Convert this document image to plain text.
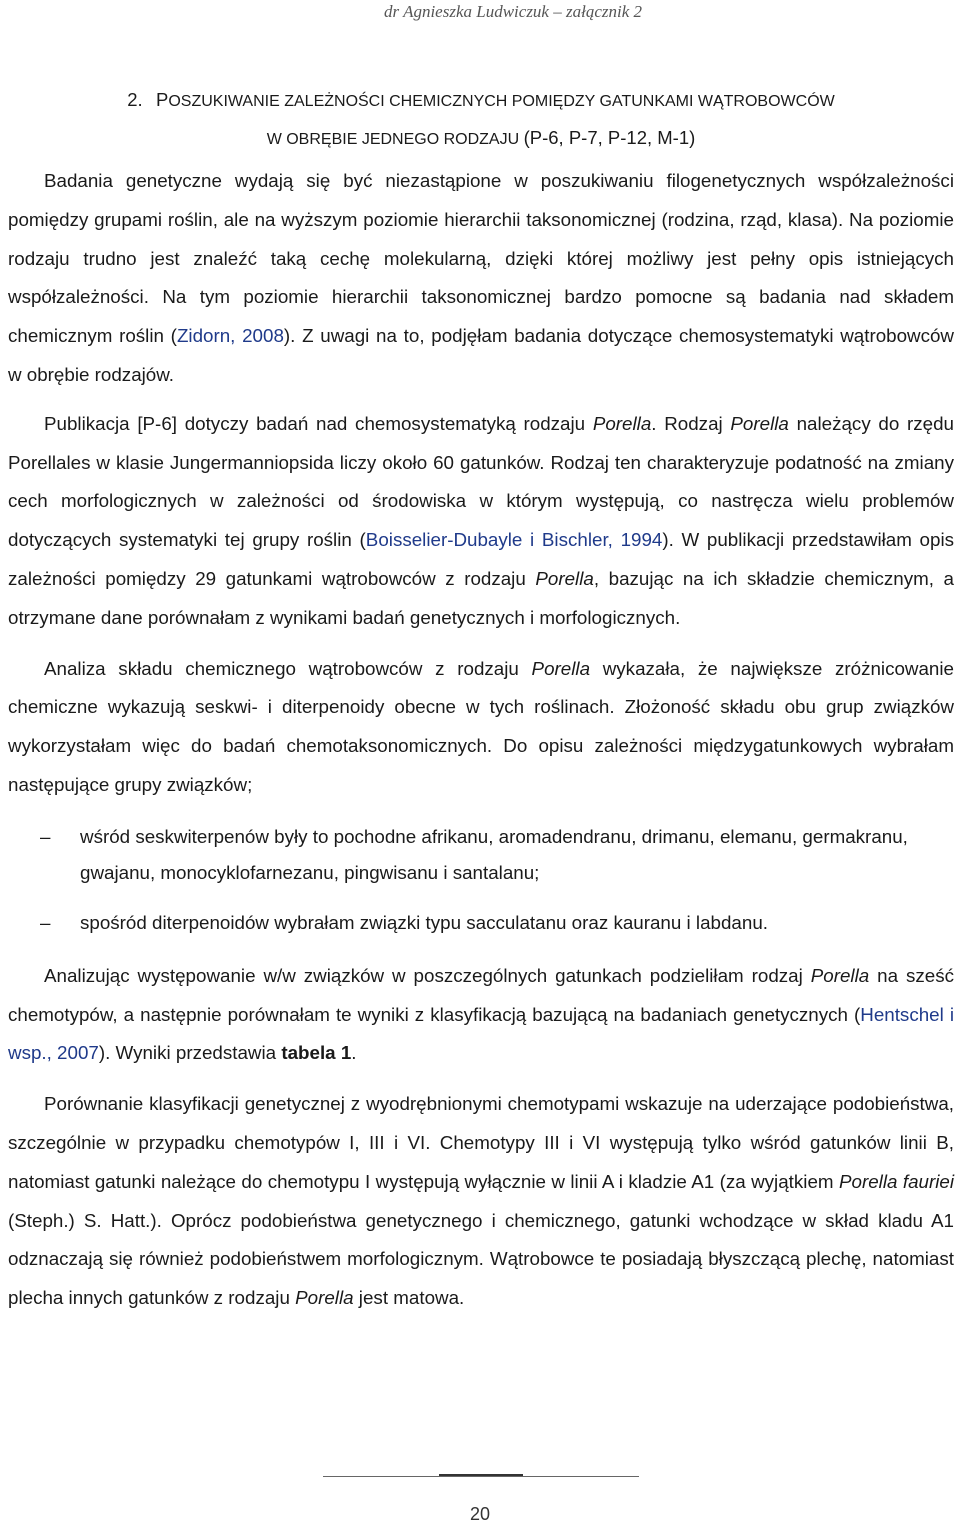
dr Agnieszka Ludwiczuk – załącznik 2
2. POSZUKIWANIE ZALEŻNOŚCI CHEMICZNYCH POMIĘDZY GATUNKAMI WĄTROBOWCÓW
W OBRĘBIE JEDNEGO RODZAJU (P-6, P-7, P-12, M-1)

Badania genetyczne wydają się być niezastąpione w poszukiwaniu filogenetycznych współzależności pomiędzy grupami roślin, ale na wyższym poziomie hierarchii taksonomicznej (rodzina, rząd, klasa). Na poziomie rodzaju trudno jest znaleźć taką cechę molekularną, dzięki której możliwy jest pełny opis istniejących współzależności. Na tym poziomie hierarchii taksonomicznej bardzo pomocne są badania nad składem chemicznym roślin (Zidorn, 2008). Z uwagi na to, podjęłam badania dotyczące chemosystematyki wątrobowców w obrębie rodzajów.

Publikacja [P-6] dotyczy badań nad chemosystematyką rodzaju Porella. Rodzaj Porella należący do rzędu Porellales w klasie Jungermanniopsida liczy około 60 gatunków. Rodzaj ten charakteryzuje podatność na zmiany cech morfologicznych w zależności od środowiska w którym występują, co nastręcza wielu problemów dotyczących systematyki tej grupy roślin (Boisselier-Dubayle i Bischler, 1994). W publikacji przedstawiłam opis zależności pomiędzy 29 gatunkami wątrobowców z rodzaju Porella, bazując na ich składzie chemicznym, a otrzymane dane porównałam z wynikami badań genetycznych i morfologicznych.

Analiza składu chemicznego wątrobowców z rodzaju Porella wykazała, że największe zróżnicowanie chemiczne wykazują seskwi- i diterpenoidy obecne w tych roślinach. Złożoność składu obu grup związków wykorzystałam więc do badań chemotaksonomicznych. Do opisu zależności międzygatunkowych wybrałam następujące grupy związków;

– wśród seskwiterpenów były to pochodne afrikanu, aromadendranu, drimanu, elemanu, germakranu, gwajanu, monocyklofarnezanu, pingwisanu i santalanu;
– spośród diterpenoidów wybrałam związki typu sacculatanu oraz kauranu i labdanu.

Analizując występowanie w/w związków w poszczególnych gatunkach podzieliłam rodzaj Porella na sześć chemotypów, a następnie porównałam te wyniki z klasyfikacją bazującą na badaniach genetycznych (Hentschel i wsp., 2007). Wyniki przedstawia tabela 1.

Porównanie klasyfikacji genetycznej z wyodrębnionymi chemotypami wskazuje na uderzające podobieństwa, szczególnie w przypadku chemotypów I, III i VI. Chemotypy III i VI występują tylko wśród gatunków linii B, natomiast gatunki należące do chemotypu I występują wyłącznie w linii A i kladzie A1 (za wyjątkiem Porella fauriei (Steph.) S. Hatt.). Oprócz podobieństwa genetycznego i chemicznego, gatunki wchodzące w skład kladu A1 odznaczają się również podobieństwem morfologicznym. Wątrobowce te posiadają błyszczącą plechę, natomiast plecha innych gatunków z rodzaju Porella jest matowa.

20
